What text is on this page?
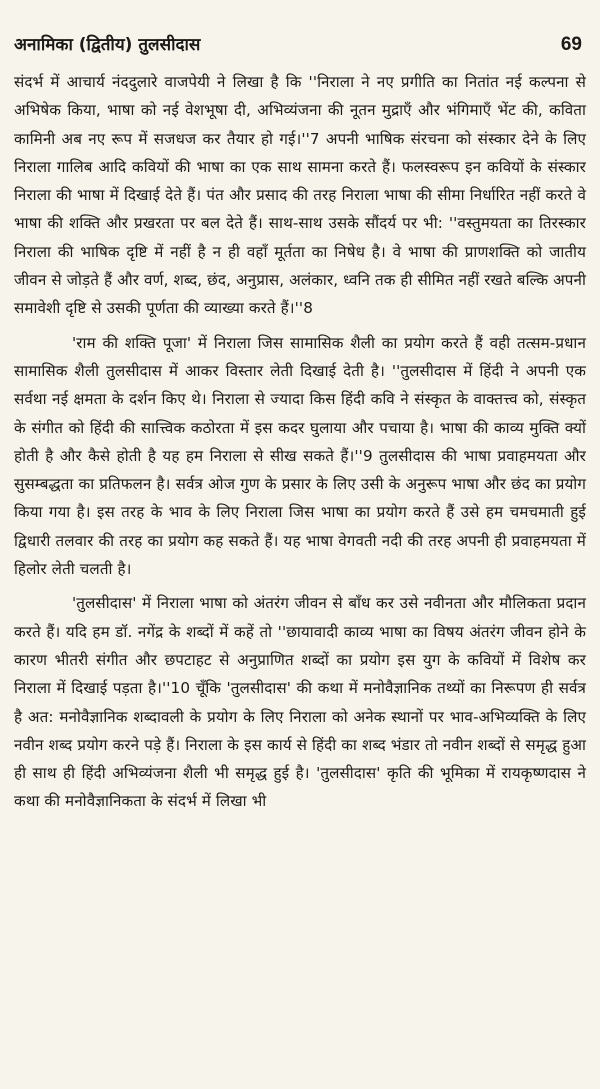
अनामिका (द्वितीय) तुलसीदास	69

संदर्भ में आचार्य नंददुलारे वाजपेयी ने लिखा है कि ''निराला ने नए प्रगीति का नितांत नई कल्पना से अभिषेक किया, भाषा को नई वेशभूषा दी, अभिव्यंजना की नूतन मुद्राएँ और भंगिमाएँ भेंट की, कविता कामिनी अब नए रूप में सजधज कर तैयार हो गई।''7 अपनी भाषिक संरचना को संस्कार देने के लिए निराला गालिब आदि कवियों की भाषा का एक साथ सामना करते हैं। फलस्वरूप इन कवियों के संस्कार निराला की भाषा में दिखाई देते हैं। पंत और प्रसाद की तरह निराला भाषा की सीमा निर्धारित नहीं करते वे भाषा की शक्ति और प्रखरता पर बल देते हैं। साथ-साथ उसके सौंदर्य पर भी: ''वस्तुमयता का तिरस्कार निराला की भाषिक दृष्टि में नहीं है न ही वहाँ मूर्तता का निषेध है। वे भाषा की प्राणशक्ति को जातीय जीवन से जोड़ते हैं और वर्ण, शब्द, छंद, अनुप्रास, अलंकार, ध्वनि तक ही सीमित नहीं रखते बल्कि अपनी समावेशी दृष्टि से उसकी पूर्णता की व्याख्या करते हैं।''8

'राम की शक्ति पूजा' में निराला जिस सामासिक शैली का प्रयोग करते हैं वही तत्सम-प्रधान सामासिक शैली तुलसीदास में आकर विस्तार लेती दिखाई देती है। ''तुलसीदास में हिंदी ने अपनी एक सर्वथा नई क्षमता के दर्शन किए थे। निराला से ज्यादा किस हिंदी कवि ने संस्कृत के वाक्तत्त्व को, संस्कृत के संगीत को हिंदी की सात्त्विक कठोरता में इस कदर घुलाया और पचाया है। भाषा की काव्य मुक्ति क्यों होती है और कैसे होती है यह हम निराला से सीख सकते हैं।''9 तुलसीदास की भाषा प्रवाहमयता और सुसम्बद्धता का प्रतिफलन है। सर्वत्र ओज गुण के प्रसार के लिए उसी के अनुरूप भाषा और छंद का प्रयोग किया गया है। इस तरह के भाव के लिए निराला जिस भाषा का प्रयोग करते हैं उसे हम चमचमाती हुई द्विधारी तलवार की तरह का प्रयोग कह सकते हैं। यह भाषा वेगवती नदी की तरह अपनी ही प्रवाहमयता में हिलोर लेती चलती है।

'तुलसीदास' में निराला भाषा को अंतरंग जीवन से बाँध कर उसे नवीनता और मौलिकता प्रदान करते हैं। यदि हम डॉ. नगेंद्र के शब्दों में कहें तो ''छायावादी काव्य भाषा का विषय अंतरंग जीवन होने के कारण भीतरी संगीत और छपटाहट से अनुप्राणित शब्दों का प्रयोग इस युग के कवियों में विशेष कर निराला में दिखाई पड़ता है।''10 चूँकि 'तुलसीदास' की कथा में मनोवैज्ञानिक तथ्यों का निरूपण ही सर्वत्र है अत: मनोवैज्ञानिक शब्दावली के प्रयोग के लिए निराला को अनेक स्थानों पर भाव-अभिव्यक्ति के लिए नवीन शब्द प्रयोग करने पड़े हैं। निराला के इस कार्य से हिंदी का शब्द भंडार तो नवीन शब्दों से समृद्ध हुआ ही साथ ही हिंदी अभिव्यंजना शैली भी समृद्ध हुई है। 'तुलसीदास' कृति की भूमिका में रायकृष्णदास ने कथा की मनोवैज्ञानिकता के संदर्भ में लिखा भी
